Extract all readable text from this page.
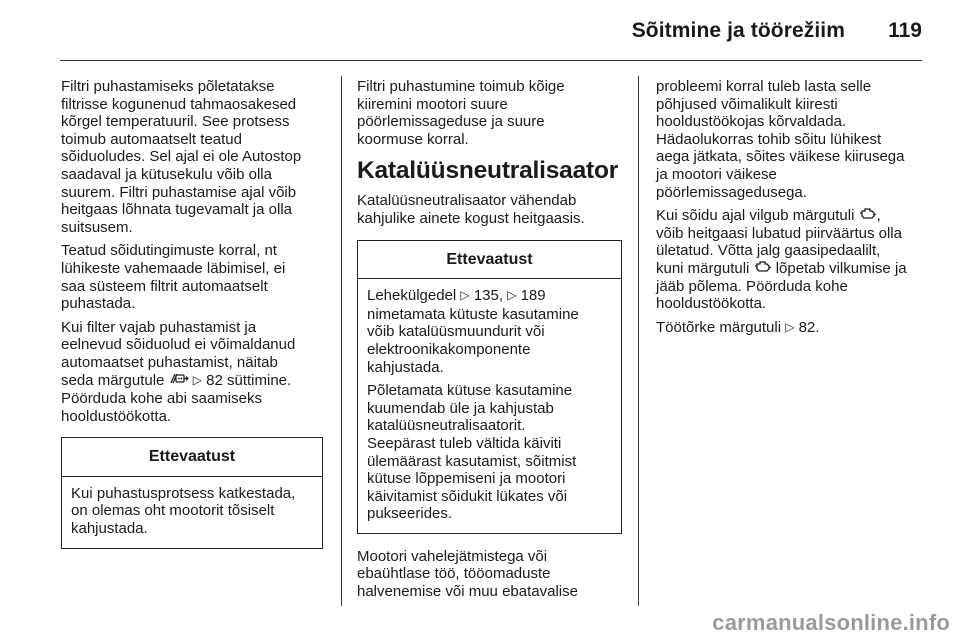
Sõitmine ja töörežiim 119

Filtri puhastamiseks põletatakse
filtrisse kogunenud tahmaosakesed
kõrgel temperatuuril. See protsess
toimub automaatselt teatud
sõiduoludes. Sel ajal ei ole Autostop
saadaval ja kütusekulu võib olla
suurem. Filtri puhastamise ajal võib
heitgaas lõhnata tugevamalt ja olla
suitsusem.

Teatud sõidutingimuste korral, nt
lühikeste vahemaade läbimisel, ei
saa süsteem filtrit automaatselt
puhastada.

Kui filter vajab puhastamist ja
eelnevud sõiduolud ei võimaldanud
automaatset puhastamist, näitab
seda märgutule  ▷ 82 süttimine.
Pöörduda kohe abi saamiseks
hooldustöökotta.

Ettevaatust

Kui puhastusprotsess katkestada,
on olemas oht mootorit tõsiselt
kahjustada.

Filtri puhastumine toimub kõige
kiiremini mootori suure
pöörlemissageduse ja suure
koormuse korral.

Katalüüsneutralisaator

Katalüüsneutralisaator vähendab
kahjulike ainete kogust heitgaasis.

Ettevaatust

Lehekülgedel ▷ 135, ▷ 189
nimetamata kütuste kasutamine
võib katalüüsmuundurit või
elektroonikakomponente
kahjustada.

Põletamata kütuse kasutamine
kuumendab üle ja kahjustab
katalüüsneutralisaatorit.
Seepärast tuleb vältida käiviti
ülemäärast kasutamist, sõitmist
kütuse lõppemiseni ja mootori
käivitamist sõidukit lükates või
pukseerides.

Mootori vahelejätmistega või
ebaühtlase töö, tööomaduste
halvenemise või muu ebatavalise

probleemi korral tuleb lasta selle
põhjused võimalikult kiiresti
hooldustöökojas kõrvaldada.
Hädaolukorras tohib sõitu lühikest
aega jätkata, sõites väikese kiirusega
ja mootori väikese
pöörlemissagedusega.

Kui sõidu ajal vilgub märgutuli ,
võib heitgaasi lubatud piirväärtus olla
ületatud. Võtta jalg gaasipedaalilt,
kuni märgutuli  lõpetab vilkumise ja
jääb põlema. Pöörduda kohe
hooldustöökotta.

Töötõrke märgutuli ▷ 82.

carmanualsonline.info
